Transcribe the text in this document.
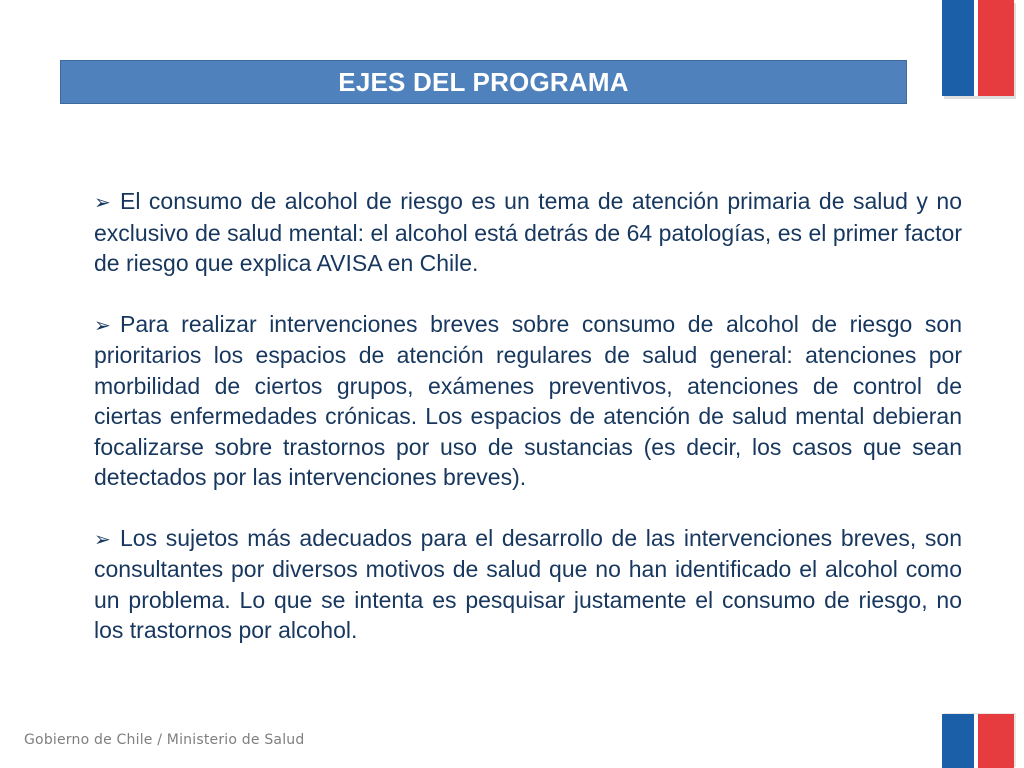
EJES DEL PROGRAMA

➢ El consumo de alcohol de riesgo es un tema de atención primaria de salud y no exclusivo de salud mental: el alcohol está detrás de 64 patologías, es el primer factor de riesgo que explica AVISA en Chile.

➢ Para realizar intervenciones breves sobre consumo de alcohol de riesgo son prioritarios los espacios de atención regulares de salud general: atenciones por morbilidad de ciertos grupos, exámenes preventivos, atenciones de control de ciertas enfermedades crónicas. Los espacios de atención de salud mental debieran focalizarse sobre trastornos por uso de sustancias (es decir, los casos que sean detectados por las intervenciones breves).

➢ Los sujetos más adecuados para el desarrollo de las intervenciones breves, son consultantes por diversos motivos de salud que no han identificado el alcohol como un problema. Lo que se intenta es pesquisar justamente el consumo de riesgo, no los trastornos por alcohol.

Gobierno de Chile / Ministerio de Salud
